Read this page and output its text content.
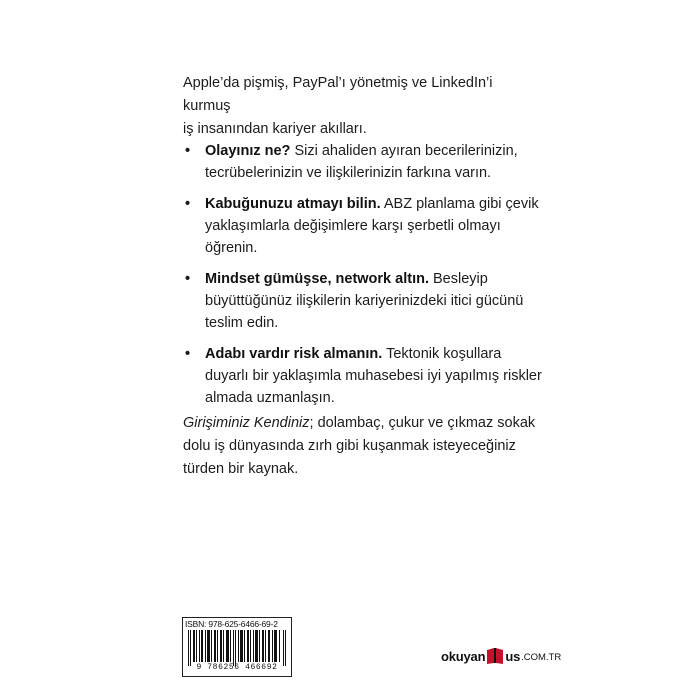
Apple’da pişmiş, PayPal’ı yönetmiş ve LinkedIn’i kurmuş
iş insanından kariyer akılları.
• Olayınız ne? Sizi ahaliden ayıran becerilerinizin, tecrübelerinizin ve ilişkilerinizin farkına varın.
• Kabuğunuzu atmayı bilin. ABZ planlama gibi çevik yaklaşımlarla değişimlere karşı şerbetli olmayı öğrenin.
• Mindset gümüşse, network altın. Besleyip büyüttüğünüz ilişkilerin kariyerinizdeki itici gücünü teslim edin.
• Adabı vardır risk almanın. Tektonik koşullara duyarlı bir yaklaşımla muhasebesi iyi yapılmış riskler almada uzmanlaşın.
Girişiminiz Kendiniz; dolambaç, çukur ve çıkmaz sokak dolu iş dünyasında zırh gibi kuşanmak isteyeceğiniz türden bir kaynak.
ISBN: 978-625-6466-69-2
9 786256 466692
okuyan us .COM.TR
